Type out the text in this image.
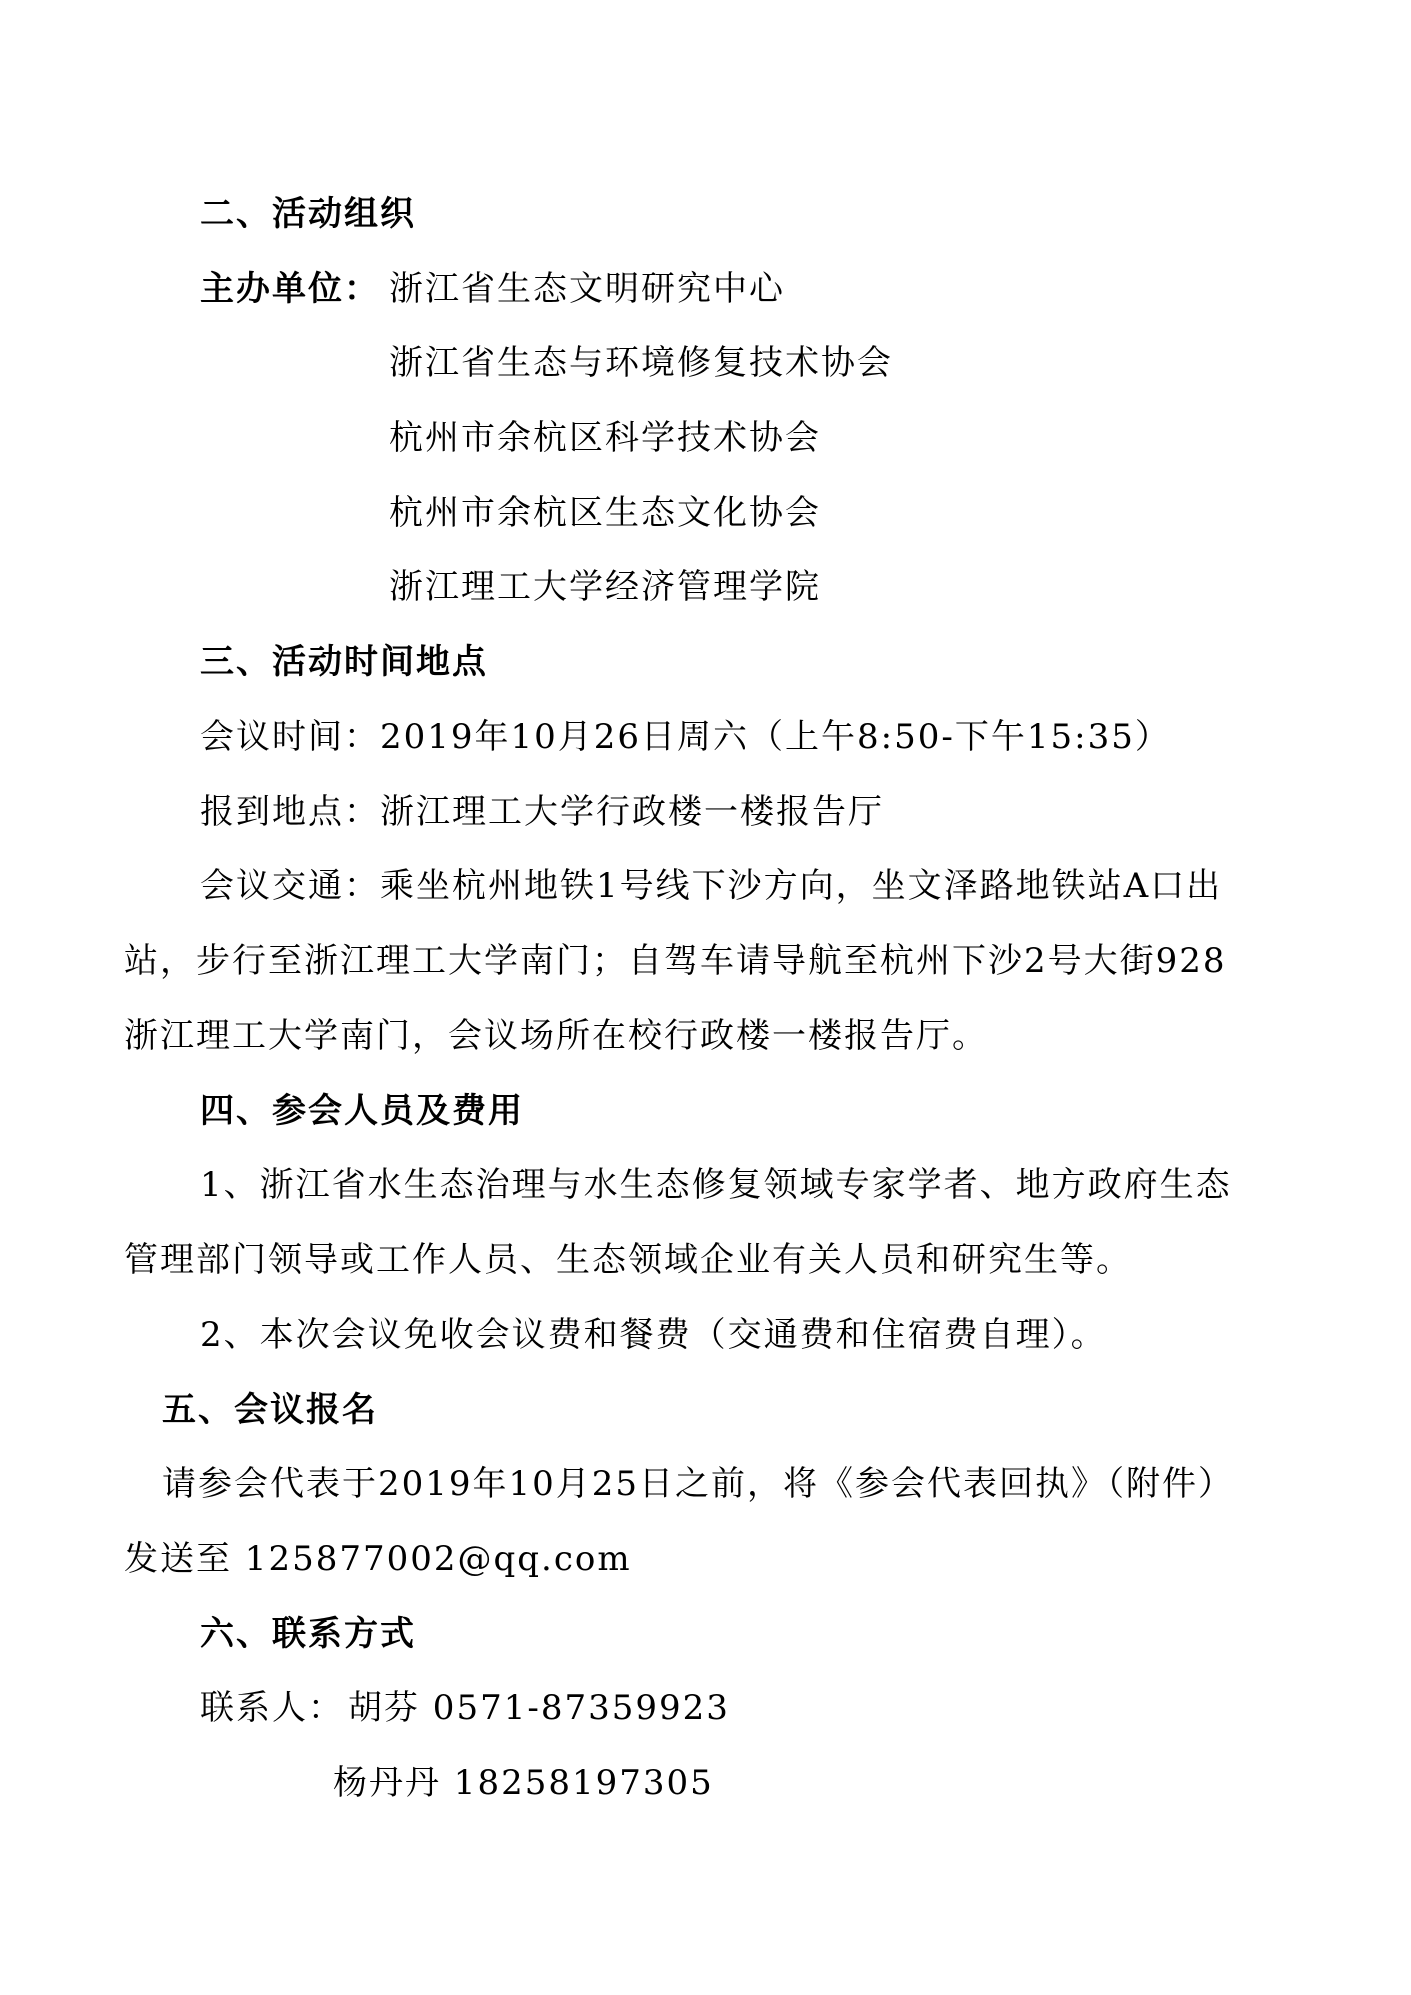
二、活动组织
主办单位： 浙江省生态文明研究中心
浙江省生态与环境修复技术协会
杭州市余杭区科学技术协会
杭州市余杭区生态文化协会
浙江理工大学经济管理学院
三、活动时间地点
会议时间：2019年10月26日周六（上午8:50-下午15:35）
报到地点：浙江理工大学行政楼一楼报告厅
会议交通：乘坐杭州地铁1号线下沙方向，坐文泽路地铁站A口出
站，步行至浙江理工大学南门；自驾车请导航至杭州下沙2号大街928
浙江理工大学南门，会议场所在校行政楼一楼报告厅。
四、参会人员及费用
1、浙江省水生态治理与水生态修复领域专家学者、地方政府生态
管理部门领导或工作人员、生态领域企业有关人员和研究生等。
2、本次会议免收会议费和餐费（交通费和住宿费自理）。
五、会议报名
请参会代表于2019年10月25日之前，将《参会代表回执》（附件）
发送至 125877002@qq.com
六、联系方式
联系人： 胡芬 0571-87359923
杨丹丹 18258197305
